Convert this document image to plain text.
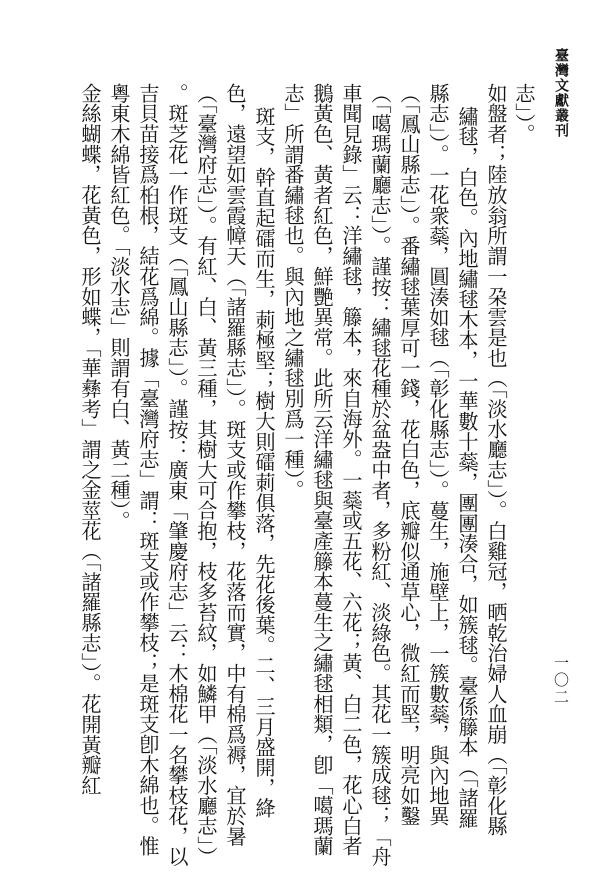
臺灣文獻叢刊
一〇二
志」）。
如盤者；陸放翁所謂一朶雲是也（「淡水廳志」）。白雞冠，晒乾治婦人血崩（「彰化縣
繡毬，白色。內地繡毬木本，一華數十蘂，團團湊合，如簇毬。臺係籐本（「諸羅
縣志」）。一花衆蘂，圓湊如毬（「彰化縣志」）。蔓生，施壁上，一簇數蘂，與內地異
（「鳳山縣志」）。番繡毬葉厚可一錢，花白色，底瓣似通草心，微紅而堅，明亮如鑿
（「噶瑪蘭廳志」）。謹按：繡毬花種於盆盎中者，多粉紅、淡綠色。其花一簇成毬；「舟
車聞見錄」云：洋繡毬，籐本，來自海外。一蘂或五花、六花；黃、白二色，花心白者
鵝黃色、黃者紅色，鮮艷異常。此所云洋繡毬與臺產籐本蔓生之繡毬相類，卽「噶瑪蘭
志」所謂番繡毬也。與內地之繡毬別爲一種）。
斑支，幹直起礌而生，莿極堅；樹大則礌莿俱落，先花後葉。二、三月盛開，絳
色，遠望如雲霞幛天（「諸羅縣志」）。斑支或作攀枝，花落而實，中有棉爲褥，宜於暑
（「臺灣府志」）。有紅、白、黃三種，其樹大可合抱，枝多苔紋，如鱗甲（「淡水廳志」）
。斑芝花一作斑支（「鳳山縣志」）。謹按：廣東「肇慶府志」云：木棉花一名攀枝花，以
吉貝苗接爲桕根，結花爲綿。據「臺灣府志」謂：斑支或作攀枝；是斑支卽木綿也。惟
粵東木綿皆紅色。「淡水志」則謂有白、黃二種）。
金絲蝴蝶，花黃色，形如蝶，「華彝考」謂之金莖花（「諸羅縣志」）。花開黃瓣紅
